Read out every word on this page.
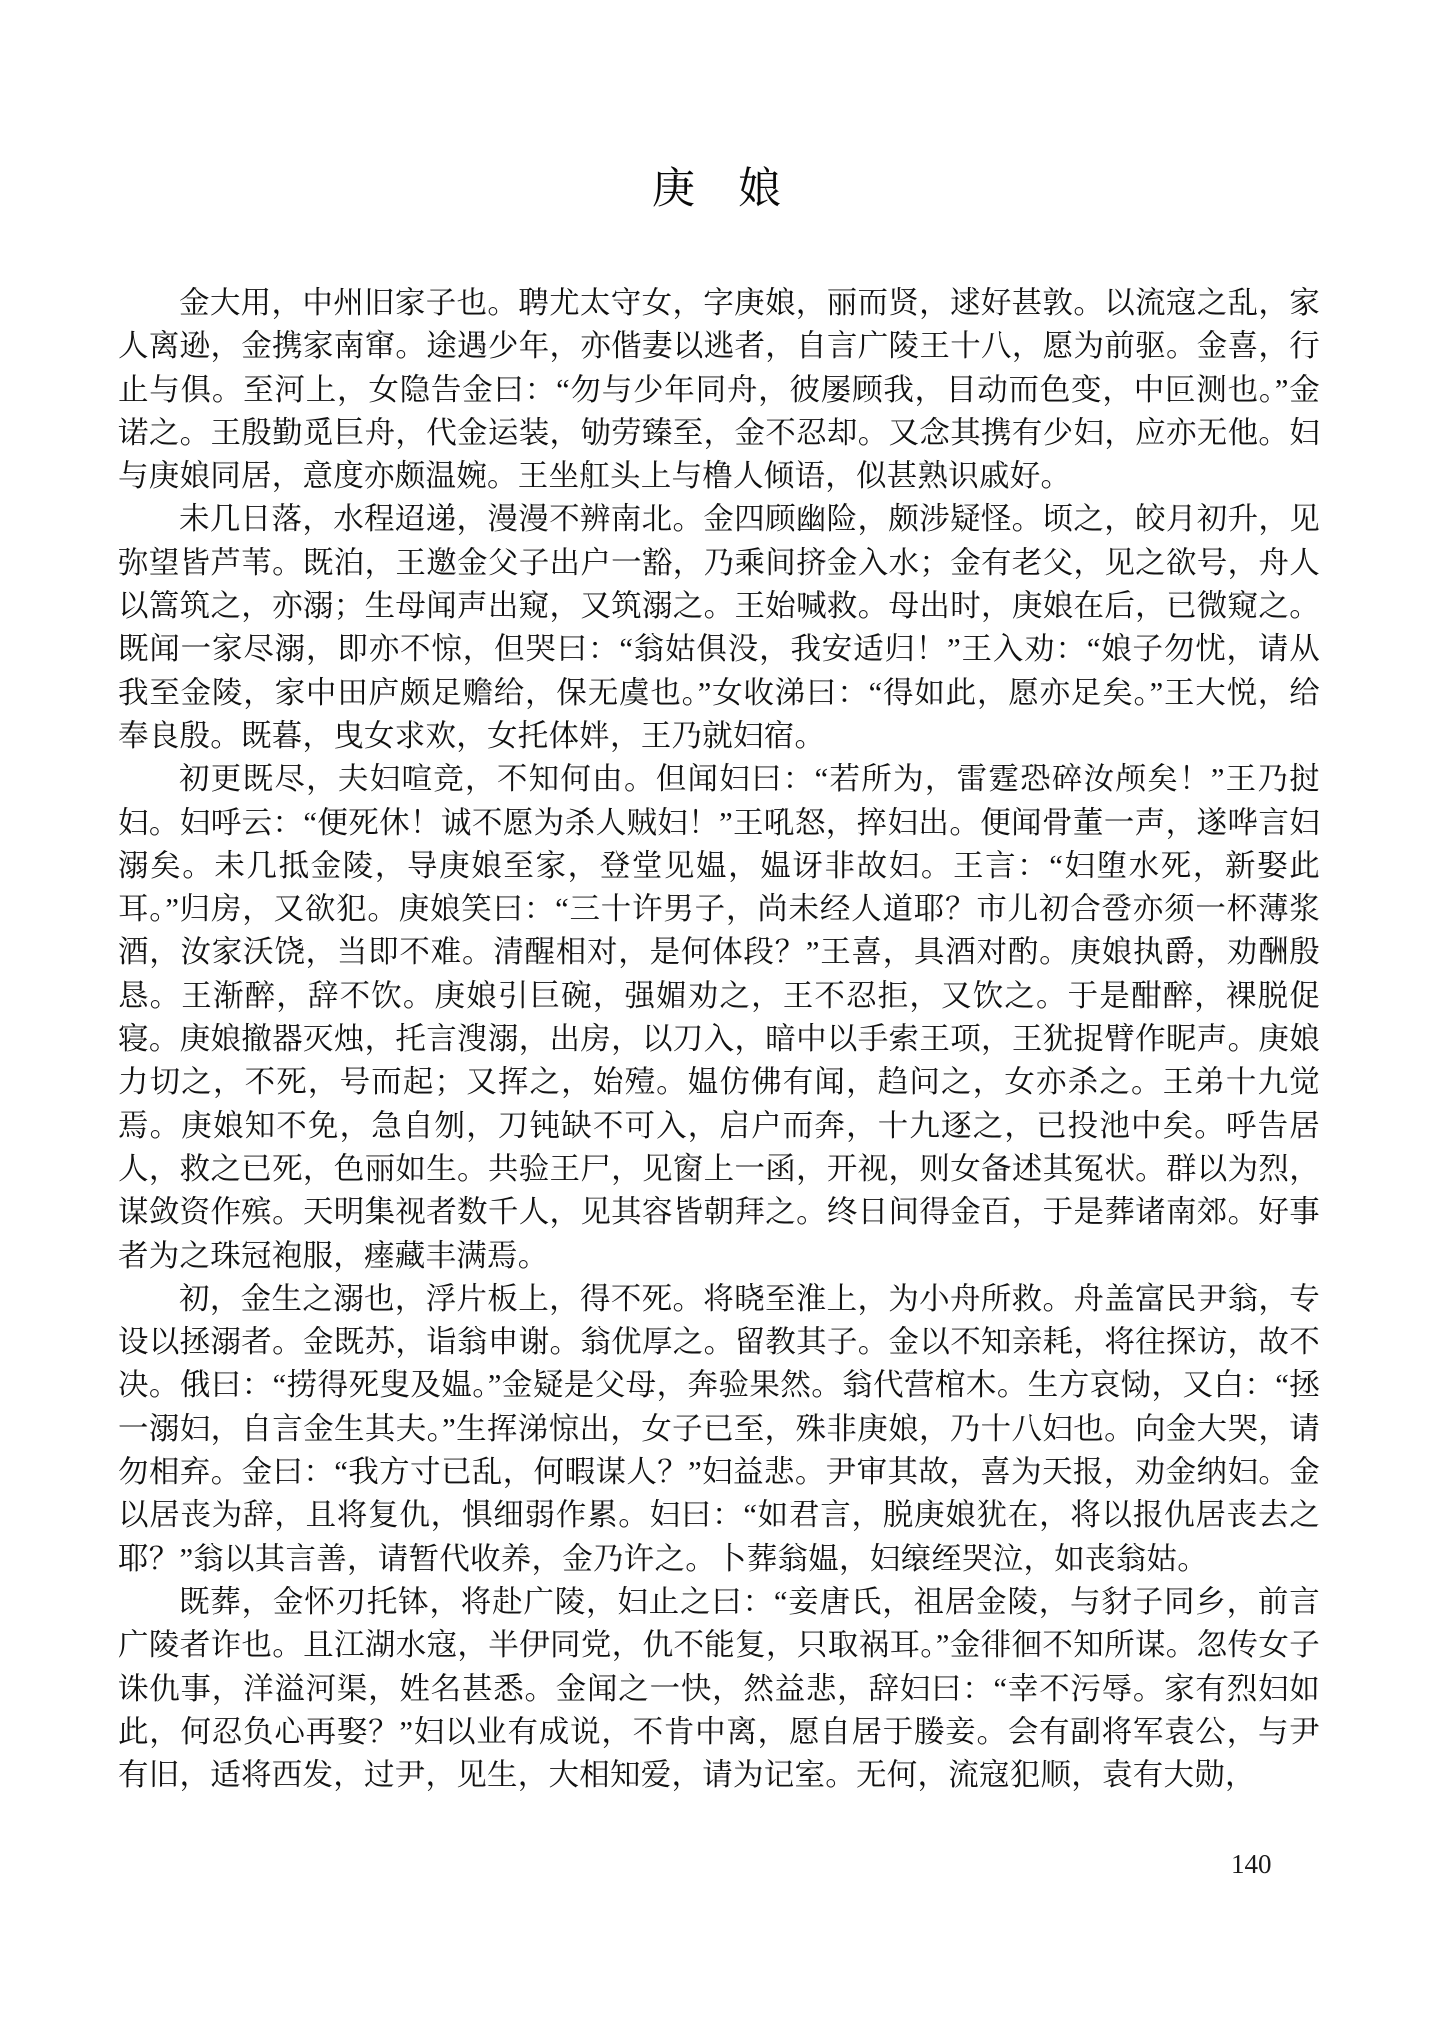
庚　娘

金大用，中州旧家子也。聘尤太守女，字庚娘，丽而贤，逑好甚敦。以流寇之乱，家人离逊，金携家南窜。途遇少年，亦偕妻以逃者，自言广陵王十八，愿为前驱。金喜，行止与俱。至河上，女隐告金曰：“勿与少年同舟，彼屡顾我，目动而色变，中叵测也。”金诺之。王殷勤觅巨舟，代金运装，劬劳臻至，金不忍却。又念其携有少妇，应亦无他。妇与庚娘同居，意度亦颇温婉。王坐舡头上与橹人倾语，似甚熟识戚好。

未几日落，水程迢递，漫漫不辨南北。金四顾幽险，颇涉疑怪。顷之，皎月初升，见弥望皆芦苇。既泊，王邀金父子出户一豁，乃乘间挤金入水；金有老父，见之欲号，舟人以篙筑之，亦溺；生母闻声出窥，又筑溺之。王始喊救。母出时，庚娘在后，已微窥之。既闻一家尽溺，即亦不惊，但哭曰：“翁姑俱没，我安适归！”王入劝：“娘子勿忧，请从我至金陵，家中田庐颇足赡给，保无虞也。”女收涕曰：“得如此，愿亦足矣。”王大悦，给奉良殷。既暮，曳女求欢，女托体姅，王乃就妇宿。

初更既尽，夫妇喧竞，不知何由。但闻妇曰：“若所为，雷霆恐碎汝颅矣！”王乃挝妇。妇呼云：“便死休！诚不愿为杀人贼妇！”王吼怒，捽妇出。便闻骨董一声，遂哗言妇溺矣。未几抵金陵，导庚娘至家，登堂见媪，媪讶非故妇。王言：“妇堕水死，新娶此耳。”归房，又欲犯。庚娘笑曰：“三十许男子，尚未经人道耶？市儿初合卺亦须一杯薄浆酒，汝家沃饶，当即不难。清醒相对，是何体段？”王喜，具酒对酌。庚娘执爵，劝酬殷恳。王渐醉，辞不饮。庚娘引巨碗，强媚劝之，王不忍拒，又饮之。于是酣醉，裸脱促寝。庚娘撤器灭烛，托言溲溺，出房，以刀入，暗中以手索王项，王犹捉臂作昵声。庚娘力切之，不死，号而起；又挥之，始殪。媪仿佛有闻，趋问之，女亦杀之。王弟十九觉焉。庚娘知不免，急自刎，刀钝缺不可入，启户而奔，十九逐之，已投池中矣。呼告居人，救之已死，色丽如生。共验王尸，见窗上一函，开视，则女备述其冤状。群以为烈，谋敛资作殡。天明集视者数千人，见其容皆朝拜之。终日间得金百，于是葬诸南郊。好事者为之珠冠袍服，瘗藏丰满焉。

初，金生之溺也，浮片板上，得不死。将晓至淮上，为小舟所救。舟盖富民尹翁，专设以拯溺者。金既苏，诣翁申谢。翁优厚之。留教其子。金以不知亲耗，将往探访，故不决。俄曰：“捞得死叟及媪。”金疑是父母，奔验果然。翁代营棺木。生方哀恸，又白：“拯一溺妇，自言金生其夫。”生挥涕惊出，女子已至，殊非庚娘，乃十八妇也。向金大哭，请勿相弃。金曰：“我方寸已乱，何暇谋人？”妇益悲。尹审其故，喜为天报，劝金纳妇。金以居丧为辞，且将复仇，惧细弱作累。妇曰：“如君言，脱庚娘犹在，将以报仇居丧去之耶？”翁以其言善，请暂代收养，金乃许之。卜葬翁媪，妇缞绖哭泣，如丧翁姑。

既葬，金怀刃托钵，将赴广陵，妇止之曰：“妾唐氏，祖居金陵，与豺子同乡，前言广陵者诈也。且江湖水寇，半伊同党，仇不能复，只取祸耳。”金徘徊不知所谋。忽传女子诛仇事，洋溢河渠，姓名甚悉。金闻之一快，然益悲，辞妇曰：“幸不污辱。家有烈妇如此，何忍负心再娶？”妇以业有成说，不肯中离，愿自居于媵妾。会有副将军袁公，与尹有旧，适将西发，过尹，见生，大相知爱，请为记室。无何，流寇犯顺，袁有大勋，

140
